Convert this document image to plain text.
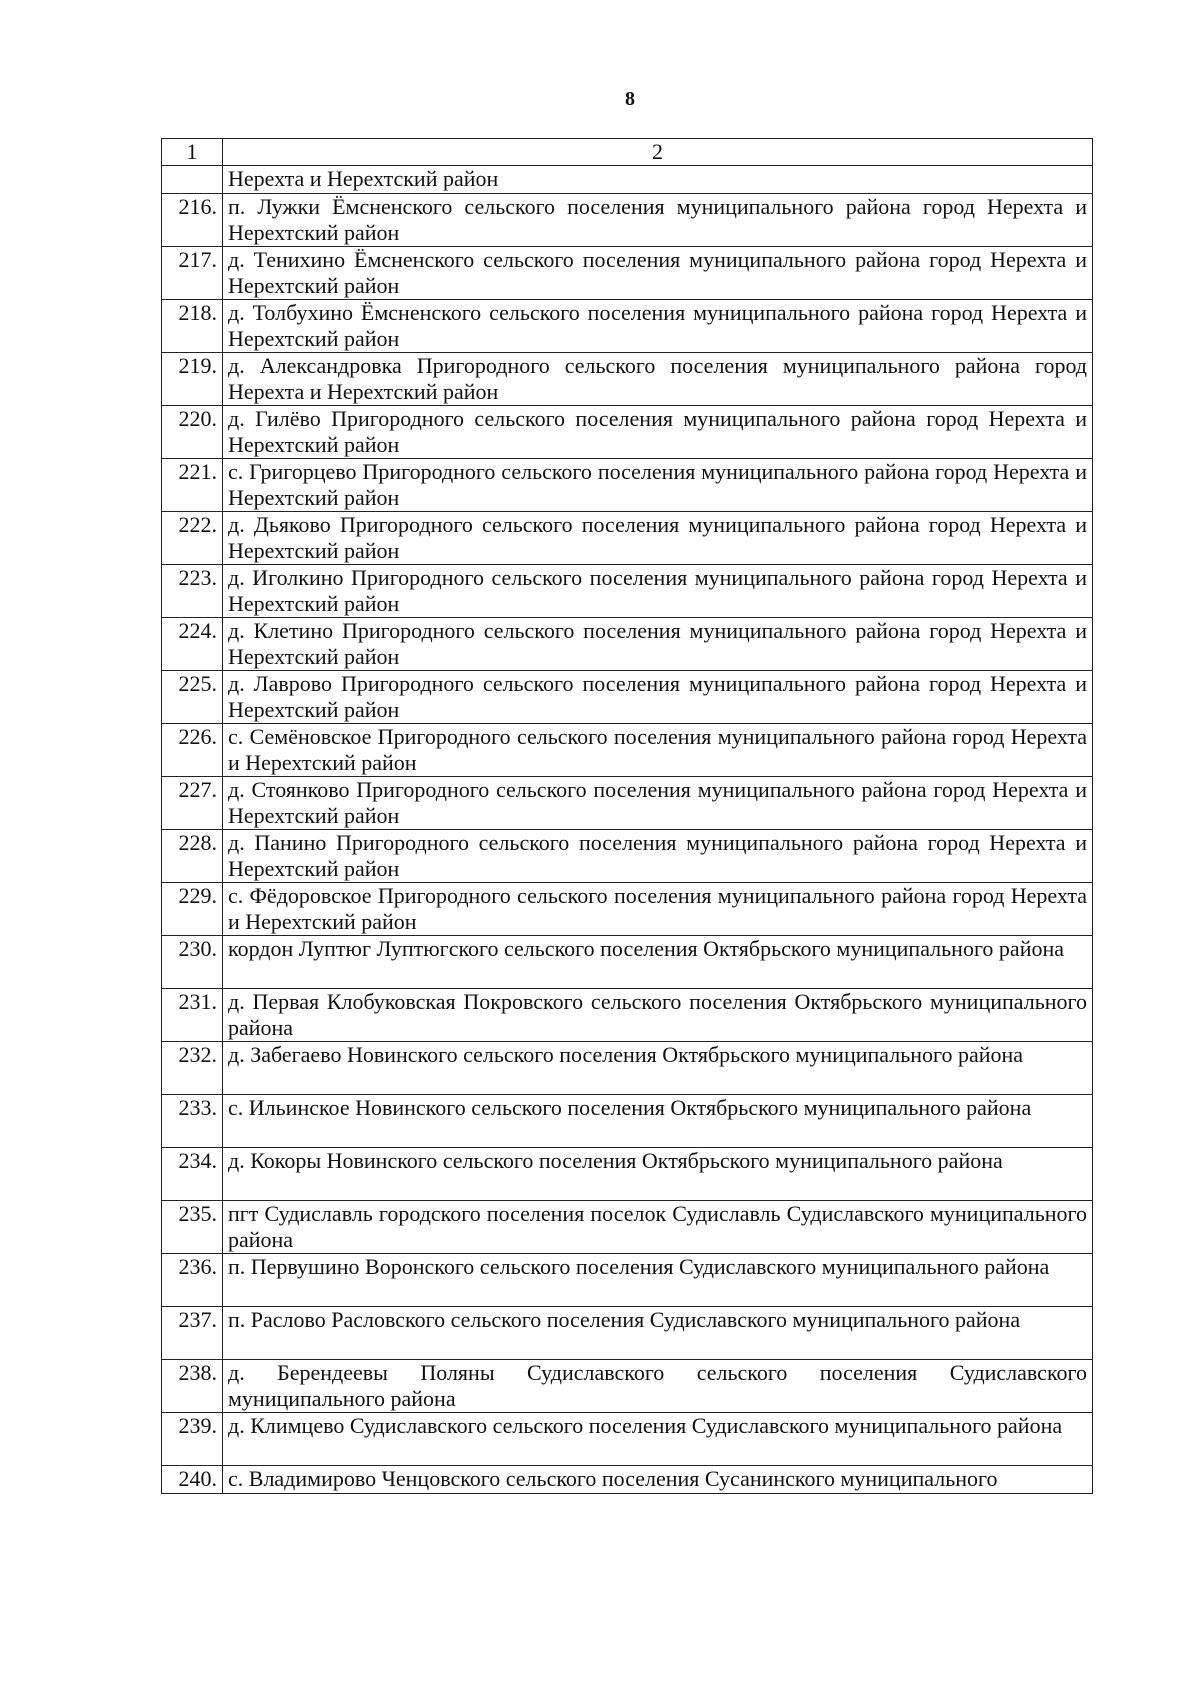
8
1	2
	Нерехта и Нерехтский район
216.	п. Лужки Ёмсненского сельского поселения муниципального района город Нерехта и Нерехтский район
217.	д. Тенихино Ёмсненского сельского поселения муниципального района город Нерехта и Нерехтский район
218.	д. Толбухино Ёмсненского сельского поселения муниципального района город Нерехта и Нерехтский район
219.	д. Александровка Пригородного сельского поселения муниципального района город Нерехта и Нерехтский район
220.	д. Гилёво Пригородного сельского поселения муниципального района город Нерехта и Нерехтский район
221.	с. Григорцево Пригородного сельского поселения муниципального района город Нерехта и Нерехтский район
222.	д. Дьяково Пригородного сельского поселения муниципального района город Нерехта и Нерехтский район
223.	д. Иголкино Пригородного сельского поселения муниципального района город Нерехта и Нерехтский район
224.	д. Клетино Пригородного сельского поселения муниципального района город Нерехта и Нерехтский район
225.	д. Лаврово Пригородного сельского поселения муниципального района город Нерехта и Нерехтский район
226.	с. Семёновское Пригородного сельского поселения муниципального района город Нерехта и Нерехтский район
227.	д. Стоянково Пригородного сельского поселения муниципального района город Нерехта и Нерехтский район
228.	д. Панино Пригородного сельского поселения муниципального района город Нерехта и Нерехтский район
229.	с. Фёдоровское Пригородного сельского поселения муниципального района город Нерехта и Нерехтский район
230.	кордон Луптюг Луптюгского сельского поселения Октябрьского муниципального района
231.	д. Первая Клобуковская Покровского сельского поселения Октябрьского муниципального района
232.	д. Забегаево Новинского сельского поселения Октябрьского муниципального района
233.	с. Ильинское Новинского сельского поселения Октябрьского муниципального района
234.	д. Кокоры Новинского сельского поселения Октябрьского муниципального района
235.	пгт Судиславль городского поселения поселок Судиславль Судиславского муниципального района
236.	п. Первушино Воронского сельского поселения Судиславского муниципального района
237.	п. Раслово Расловского сельского поселения Судиславского муниципального района
238.	д. Берендеевы Поляны Судиславского сельского поселения Судиславского муниципального района
239.	д. Климцево Судиславского сельского поселения Судиславского муниципального района
240.	с. Владимирово Ченцовского сельского поселения Сусанинского муниципального
